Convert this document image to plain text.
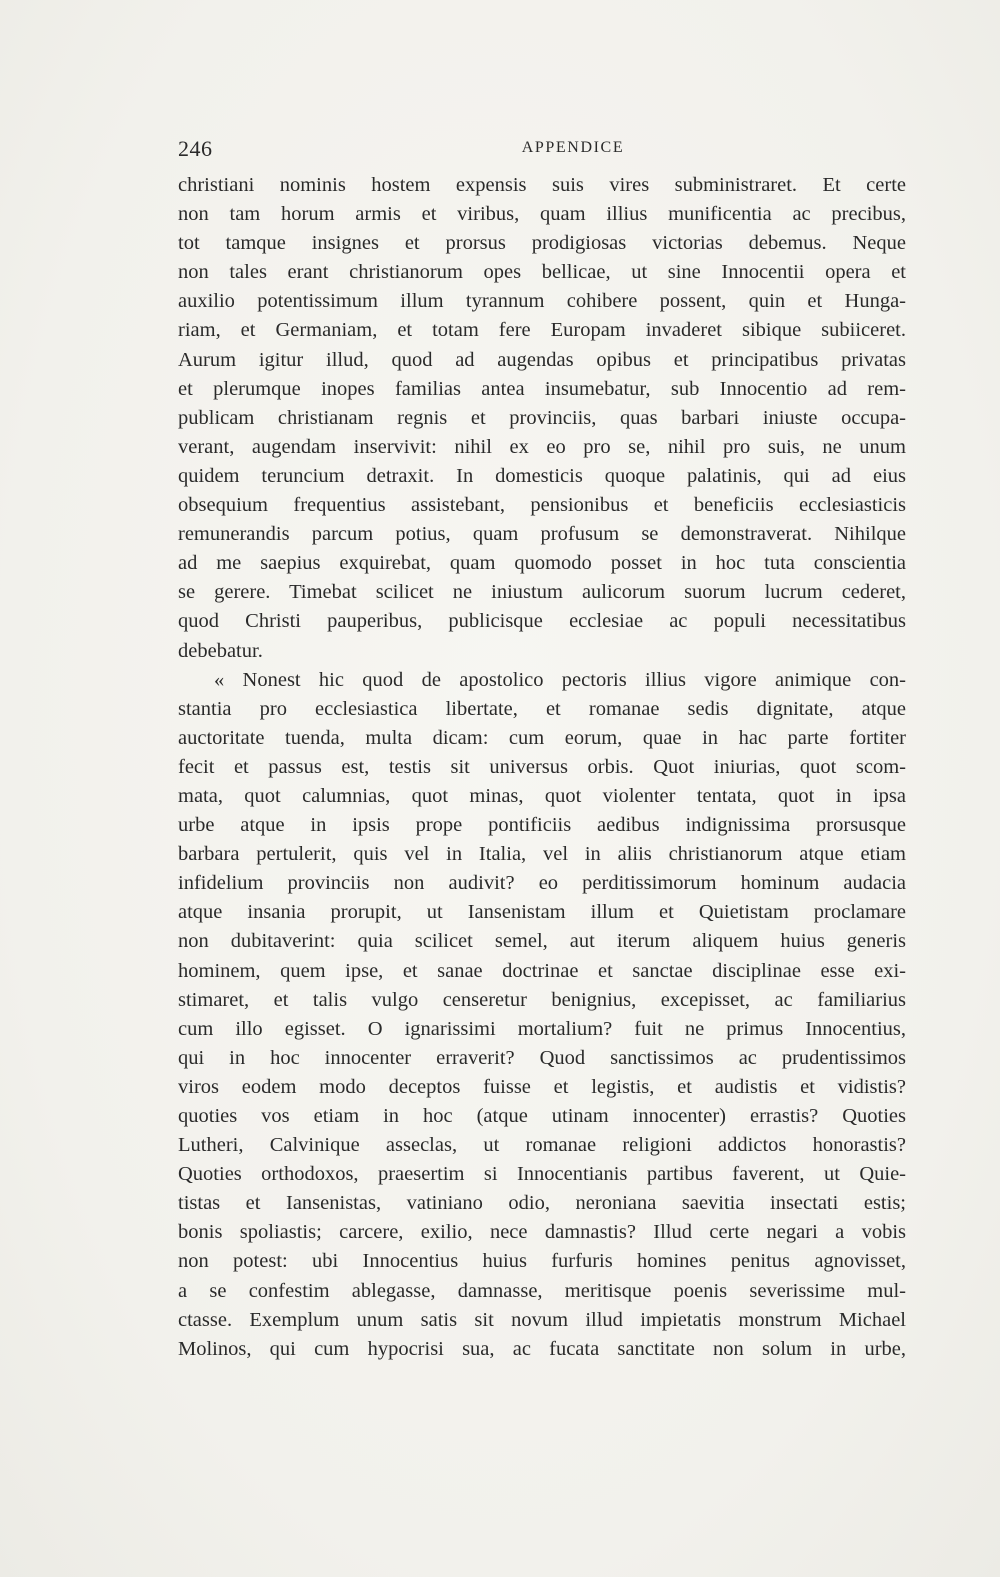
246	APPENDICE
christiani nominis hostem expensis suis vires subministraret. Et certe
non tam horum armis et viribus, quam illius munificentia ac precibus,
tot tamque insignes et prorsus prodigiosas victorias debemus. Neque
non tales erant christianorum opes bellicae, ut sine Innocentii opera et
auxilio potentissimum illum tyrannum cohibere possent, quin et Hunga-
riam, et Germaniam, et totam fere Europam invaderet sibique subiiceret.
Aurum igitur illud, quod ad augendas opibus et principatibus privatas
et plerumque inopes familias antea insumebatur, sub Innocentio ad rem-
publicam christianam regnis et provinciis, quas barbari iniuste occupa-
verant, augendam inservivit: nihil ex eo pro se, nihil pro suis, ne unum
quidem teruncium detraxit. In domesticis quoque palatinis, qui ad eius
obsequium frequentius assistebant, pensionibus et beneficiis ecclesiasticis
remunerandis parcum potius, quam profusum se demonstraverat. Nihilque
ad me saepius exquirebat, quam quomodo posset in hoc tuta conscientia
se gerere. Timebat scilicet ne iniustum aulicorum suorum lucrum cederet,
quod Christi pauperibus, publicisque ecclesiae ac populi necessitatibus
debebatur.
« Nonest hic quod de apostolico pectoris illius vigore animique con-
stantia pro ecclesiastica libertate, et romanae sedis dignitate, atque
auctoritate tuenda, multa dicam: cum eorum, quae in hac parte fortiter
fecit et passus est, testis sit universus orbis. Quot iniurias, quot scom-
mata, quot calumnias, quot minas, quot violenter tentata, quot in ipsa
urbe atque in ipsis prope pontificiis aedibus indignissima prorsusque
barbara pertulerit, quis vel in Italia, vel in aliis christianorum atque etiam
infidelium provinciis non audivit? eo perditissimorum hominum audacia
atque insania prorupit, ut Iansenistam illum et Quietistam proclamare
non dubitaverint: quia scilicet semel, aut iterum aliquem huius generis
hominem, quem ipse, et sanae doctrinae et sanctae disciplinae esse exi-
stimaret, et talis vulgo censeretur benignius, excepisset, ac familiarius
cum illo egisset. O ignarissimi mortalium? fuit ne primus Innocentius,
qui in hoc innocenter erraverit? Quod sanctissimos ac prudentissimos
viros eodem modo deceptos fuisse et legistis, et audistis et vidistis?
quoties vos etiam in hoc (atque utinam innocenter) errastis? Quoties
Lutheri, Calvinique asseclas, ut romanae religioni addictos honorastis?
Quoties orthodoxos, praesertim si Innocentianis partibus faverent, ut Quie-
tistas et Iansenistas, vatiniano odio, neroniana saevitia insectati estis;
bonis spoliastis; carcere, exilio, nece damnastis? Illud certe negari a vobis
non potest: ubi Innocentius huius furfuris homines penitus agnovisset,
a se confestim ablegasse, damnasse, meritisque poenis severissime mul-
ctasse. Exemplum unum satis sit novum illud impietatis monstrum Michael
Molinos, qui cum hypocrisi sua, ac fucata sanctitate non solum in urbe,
